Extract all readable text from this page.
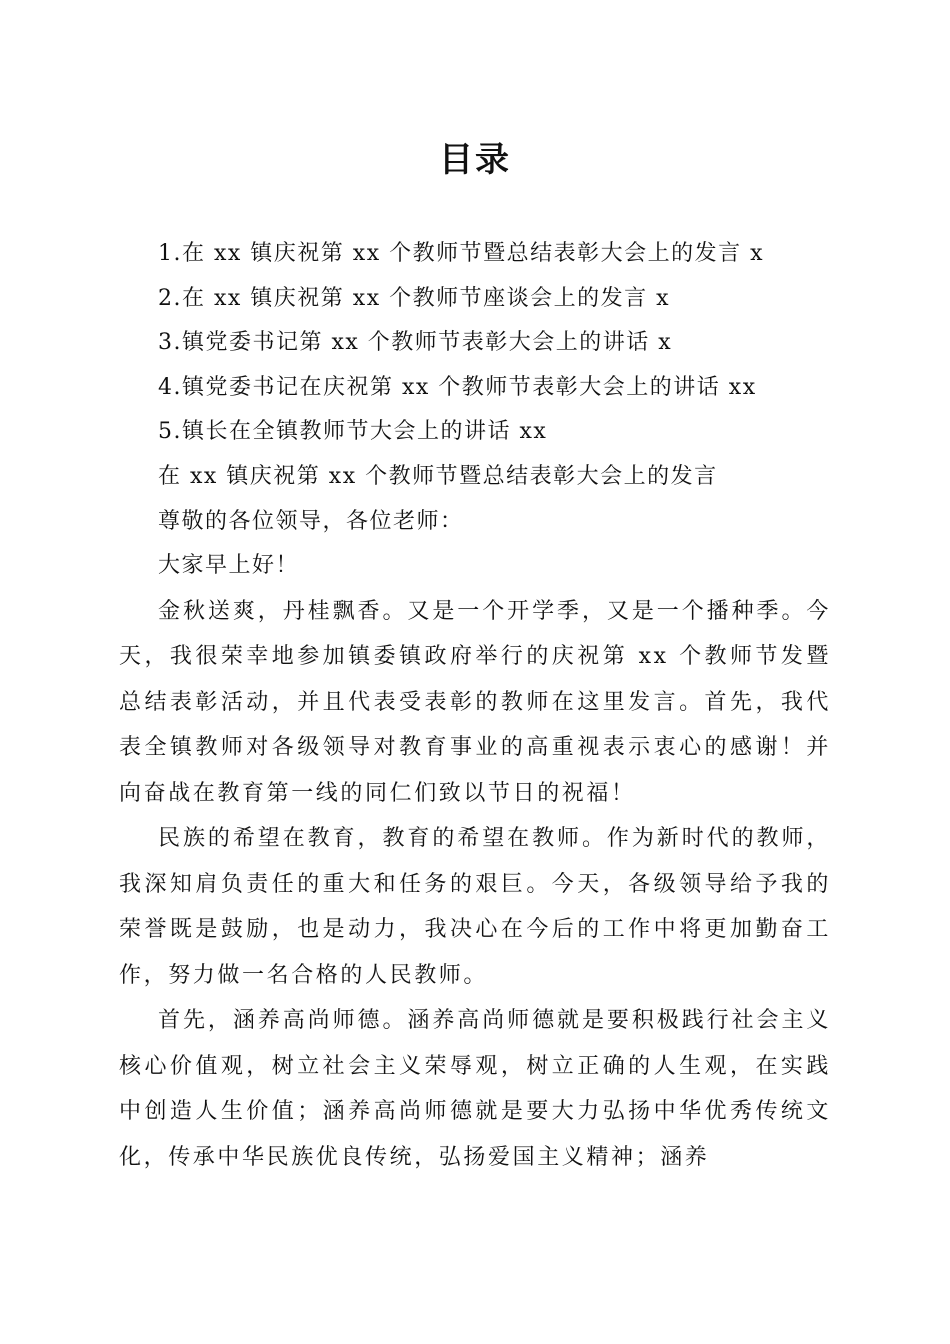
目录
1.在 xx 镇庆祝第 xx 个教师节暨总结表彰大会上的发言 x
2.在 xx 镇庆祝第 xx 个教师节座谈会上的发言 x
3.镇党委书记第 xx 个教师节表彰大会上的讲话 x
4.镇党委书记在庆祝第 xx 个教师节表彰大会上的讲话 xx
5.镇长在全镇教师节大会上的讲话 xx
在 xx 镇庆祝第 xx 个教师节暨总结表彰大会上的发言
尊敬的各位领导，各位老师：
大家早上好！

金秋送爽，丹桂飘香。又是一个开学季，又是一个播种季。今天，我很荣幸地参加镇委镇政府举行的庆祝第 xx 个教师节发暨总结表彰活动，并且代表受表彰的教师在这里发言。首先，我代表全镇教师对各级领导对教育事业的高重视表示衷心的感谢！并向奋战在教育第一线的同仁们致以节日的祝福！

民族的希望在教育，教育的希望在教师。作为新时代的教师，我深知肩负责任的重大和任务的艰巨。今天，各级领导给予我的荣誉既是鼓励，也是动力，我决心在今后的工作中将更加勤奋工作，努力做一名合格的人民教师。

首先，涵养高尚师德。涵养高尚师德就是要积极践行社会主义核心价值观，树立社会主义荣辱观，树立正确的人生观，在实践中创造人生价值；涵养高尚师德就是要大力弘扬中华优秀传统文化，传承中华民族优良传统，弘扬爱国主义精神；涵养
